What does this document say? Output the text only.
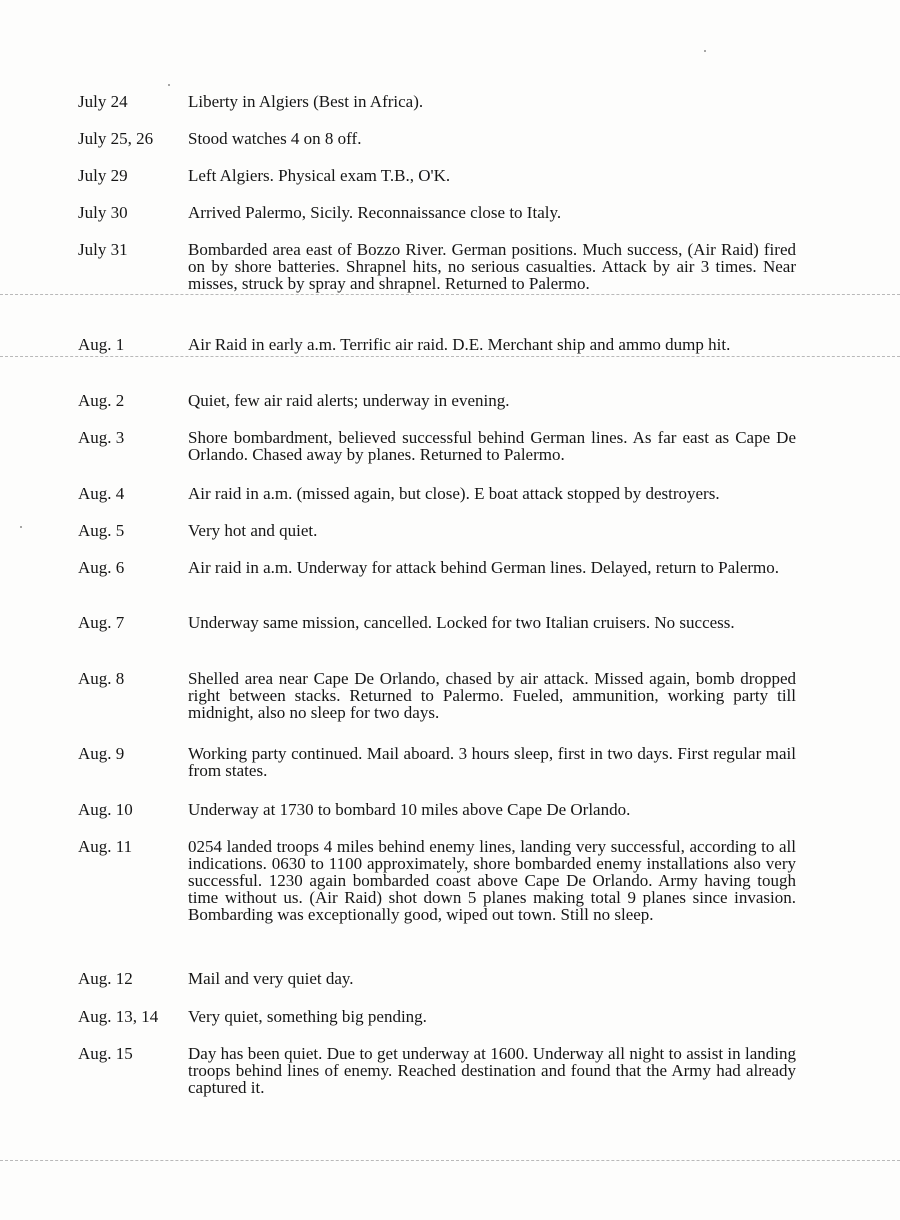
July 24	Liberty in Algiers (Best in Africa).
July 25, 26 Stood watches 4 on 8 off.
July 29	Left Algiers. Physical exam T.B., O'K.
July 30	Arrived Palermo, Sicily. Reconnaissance close to Italy.
July 31	Bombarded area east of Bozzo River. German positions. Much success, (Air Raid) fired on by shore batteries. Shrapnel hits, no serious casualties. Attack by air 3 times. Near misses, struck by spray and shrapnel. Returned to Palermo.
Aug. 1	Air Raid in early a.m. Terrific air raid. D.E. Merchant ship and ammo dump hit.
Aug. 2	Quiet, few air raid alerts; underway in evening.
Aug. 3	Shore bombardment, believed successful behind German lines. As far east as Cape De Orlando. Chased away by planes. Returned to Palermo.
Aug. 4	Air raid in a.m. (missed again, but close). E boat attack stopped by destroyers.
Aug. 5	Very hot and quiet.
Aug. 6	Air raid in a.m. Underway for attack behind German lines. Delayed, return to Palermo.
Aug. 7	Underway same mission, cancelled. Locked for two Italian cruisers. No success.
Aug. 8	Shelled area near Cape De Orlando, chased by air attack. Missed again, bomb dropped right between stacks. Returned to Palermo. Fueled, ammunition, working party till midnight, also no sleep for two days.
Aug. 9	Working party continued. Mail aboard. 3 hours sleep, first in two days. First regular mail from states.
Aug. 10	Underway at 1730 to bombard 10 miles above Cape De Orlando.
Aug. 11	0254 landed troops 4 miles behind enemy lines, landing very successful, according to all indications. 0630 to 1100 approximately, shore bombarded enemy installations also very successful. 1230 again bombarded coast above Cape De Orlando. Army having tough time without us. (Air Raid) shot down 5 planes making total 9 planes since invasion. Bombarding was exceptionally good, wiped out town. Still no sleep.
Aug. 12	Mail and very quiet day.
Aug. 13, 14 Very quiet, something big pending.
Aug. 15	Day has been quiet. Due to get underway at 1600. Underway all night to assist in landing troops behind lines of enemy. Reached destination and found that the Army had already captured it.
